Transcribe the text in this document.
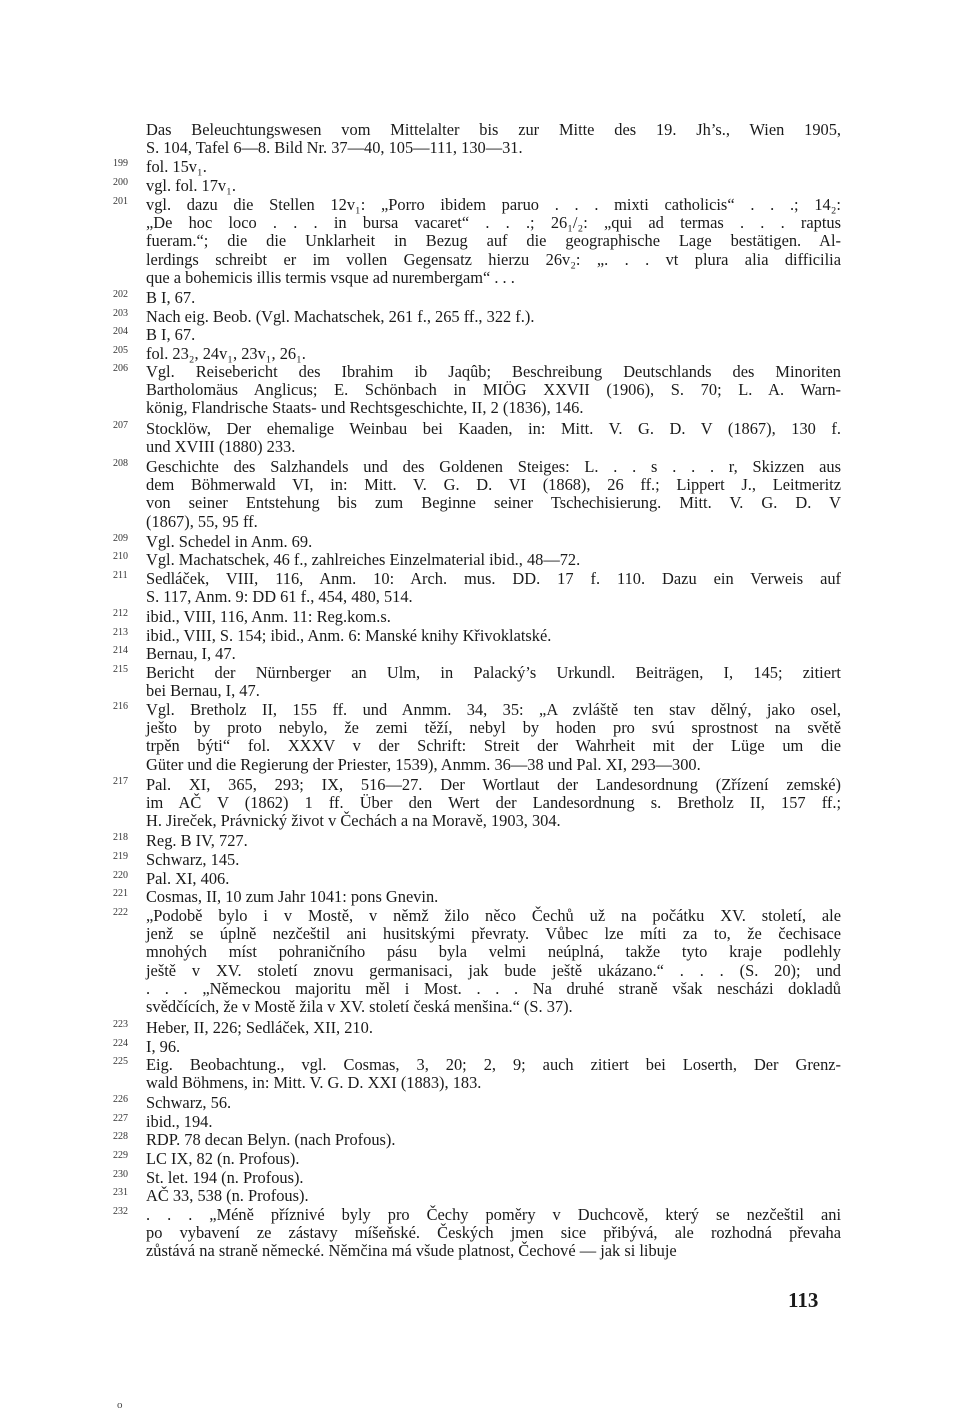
Das Beleuchtungswesen vom Mittelalter bis zur Mitte des 19. Jh’s., Wien 1905,
S. 104, Tafel 6—8. Bild Nr. 37—40, 105—111, 130—31.
199	fol. 15v₁.
200	vgl. fol. 17v₁.
201	vgl. dazu die Stellen 12v₁: „Porro ibidem paruo . . . mixti catholicis“ . . .; 14₂:
„De hoc loco . . . in bursa vacaret“ . . .; 26₁/₂: „qui ad termas . . . raptus
fueram.“; die die Unklarheit in Bezug auf die geographische Lage bestätigen. Al-
lerdings schreibt er im vollen Gegensatz hierzu 26v₂: „. . . vt plura alia difficilia
que a bohemicis illis termis vsque ad nurembergam“ . . .
202	B I, 67.
203	Nach eig. Beob. (Vgl. Machatschek, 261 f., 265 ff., 322 f.).
204	B I, 67.
205	fol. 23₂, 24v₁, 23v₁, 26₁.
206	Vgl. Reisebericht des Ibrahim ib Jaqûb; Beschreibung Deutschlands des Minoriten
Bartholomäus Anglicus; E. Schönbach in MIÖG XXVII (1906), S. 70; L. A. Warn-
könig, Flandrische Staats- und Rechtsgeschichte, II, 2 (1836), 146.
207	Stocklöw, Der ehemalige Weinbau bei Kaaden, in: Mitt. V. G. D. V (1867), 130 f.
und XVIII (1880) 233.
208	Geschichte des Salzhandels und des Goldenen Steiges: L. . . s . . . r, Skizzen aus
dem Böhmerwald VI, in: Mitt. V. G. D. VI (1868), 26 ff.; Lippert J., Leitmeritz
von seiner Entstehung bis zum Beginne seiner Tschechisierung. Mitt. V. G. D. V
(1867), 55, 95 ff.
209	Vgl. Schedel in Anm. 69.
210	Vgl. Machatschek, 46 f., zahlreiches Einzelmaterial ibid., 48—72.
211	Sedláček, VIII, 116, Anm. 10: Arch. mus. DD. 17 f. 110. Dazu ein Verweis auf
S. 117, Anm. 9: DD 61 f., 454, 480, 514.
212	ibid., VIII, 116, Anm. 11: Reg.kom.s.
213	ibid., VIII, S. 154; ibid., Anm. 6: Manské knihy Křivoklatské.
214	Bernau, I, 47.
215	Bericht der Nürnberger an Ulm, in Palacký’s Urkundl. Beiträgen, I, 145; zitiert
bei Bernau, I, 47.
216	Vgl. Bretholz II, 155 ff. und Anmm. 34, 35: „A zvláště ten stav dělný, jako osel,
ješto by proto nebylo, že zemi těží, nebyl by hoden pro svú sprostnost na světě
trpěn býti“ fol. XXXV v der Schrift: Streit der Wahrheit mit der Lüge um die
Güter und die Regierung der Priester, 1539), Anmm. 36—38 und Pal. XI, 293—300.
217	Pal. XI, 365, 293; IX, 516—27. Der Wortlaut der Landesordnung (Zřízení zemské)
im AČ V (1862) 1 ff. Über den Wert der Landesordnung s. Bretholz II, 157 ff.;
H. Jireček, Právnický život v Čechách a na Moravě, 1903, 304.
218	Reg. B IV, 727.
219	Schwarz, 145.
220	Pal. XI, 406.
221	Cosmas, II, 10 zum Jahr 1041: pons Gnevin.
222	„Podobě bylo i v Mostě, v němž žilo něco Čechů už na počátku XV. století, ale
jenž se úplně nezčeštil ani husitskými převraty. Vůbec lze míti za to, že čechisace
mnohých míst pohraničního pásu byla velmi neúplná, takže tyto kraje podlehly
ještě v XV. století znovu germanisaci, jak bude ještě ukázano.“ . . . (S. 20); und
. . . „Německou majoritu měl i Most. . . . Na druhé straně však nescházi dokladů
svědčících, že v Mostě žila v XV. století česká menšina.“ (S. 37).
223	Heber, II, 226; Sedláček, XII, 210.
224	I, 96.
225	Eig. Beobachtung., vgl. Cosmas, 3, 20; 2, 9; auch zitiert bei Loserth, Der Grenz-
wald Böhmens, in: Mitt. V. G. D. XXI (1883), 183.
226	Schwarz, 56.
227	ibid., 194.
228	RDP. 78 decan Belyn. (nach Profous).
229	LC IX, 82 (n. Profous).
230	St. let. 194 (n. Profous).
231	AČ 33, 538 (n. Profous).
232	. . . „Méně příznivé byly pro Čechy poměry v Duchcově, který se nezčeštil ani
po vybavení ze zástavy míšeňské. Českých jmen sice přibývá, ale rozhodná převaha
zůstává na straně německé. Němčina má všude platnost, Čechové — jak si libuje
113
o
